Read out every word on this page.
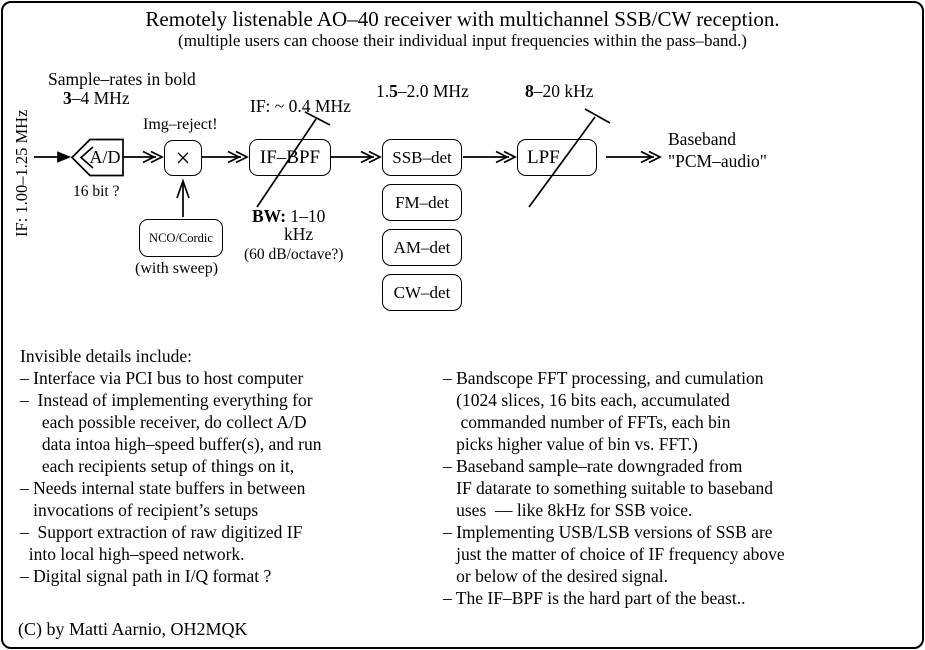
Remotely listenable AO–40 receiver with multichannel SSB/CW reception.
(multiple users can choose their individual input frequencies within the pass–band.)
IF: 1.00–1.25 MHz
Sample–rates in bold
3–4 MHz
A/D
16 bit ?
Img–reject!
×
NCO/Cordic
(with sweep)
IF: ~ 0.4 MHz
IF–BPF
BW: 1–10
kHz
(60 dB/octave?)
1.5–2.0 MHz
SSB–det
FM–det
AM–det
CW–det
8–20 kHz
LPF
Baseband
"PCM–audio"
Invisible details include:
– Interface via PCI bus to host computer
–  Instead of implementing everything for
each possible receiver, do collect A/D
data intoa high–speed buffer(s), and run
each recipients setup of things on it,
– Needs internal state buffers in between
invocations of recipient’s setups
–  Support extraction of raw digitized IF
into local high–speed network.
– Digital signal path in I/Q format ?
– Bandscope FFT processing, and cumulation
(1024 slices, 16 bits each, accumulated
commanded number of FFTs, each bin
picks higher value of bin vs. FFT.)
– Baseband sample–rate downgraded from
IF datarate to something suitable to baseband
uses  –– like 8kHz for SSB voice.
– Implementing USB/LSB versions of SSB are
just the matter of choice of IF frequency above
or below of the desired signal.
– The IF–BPF is the hard part of the beast..
(C) by Matti Aarnio, OH2MQK
